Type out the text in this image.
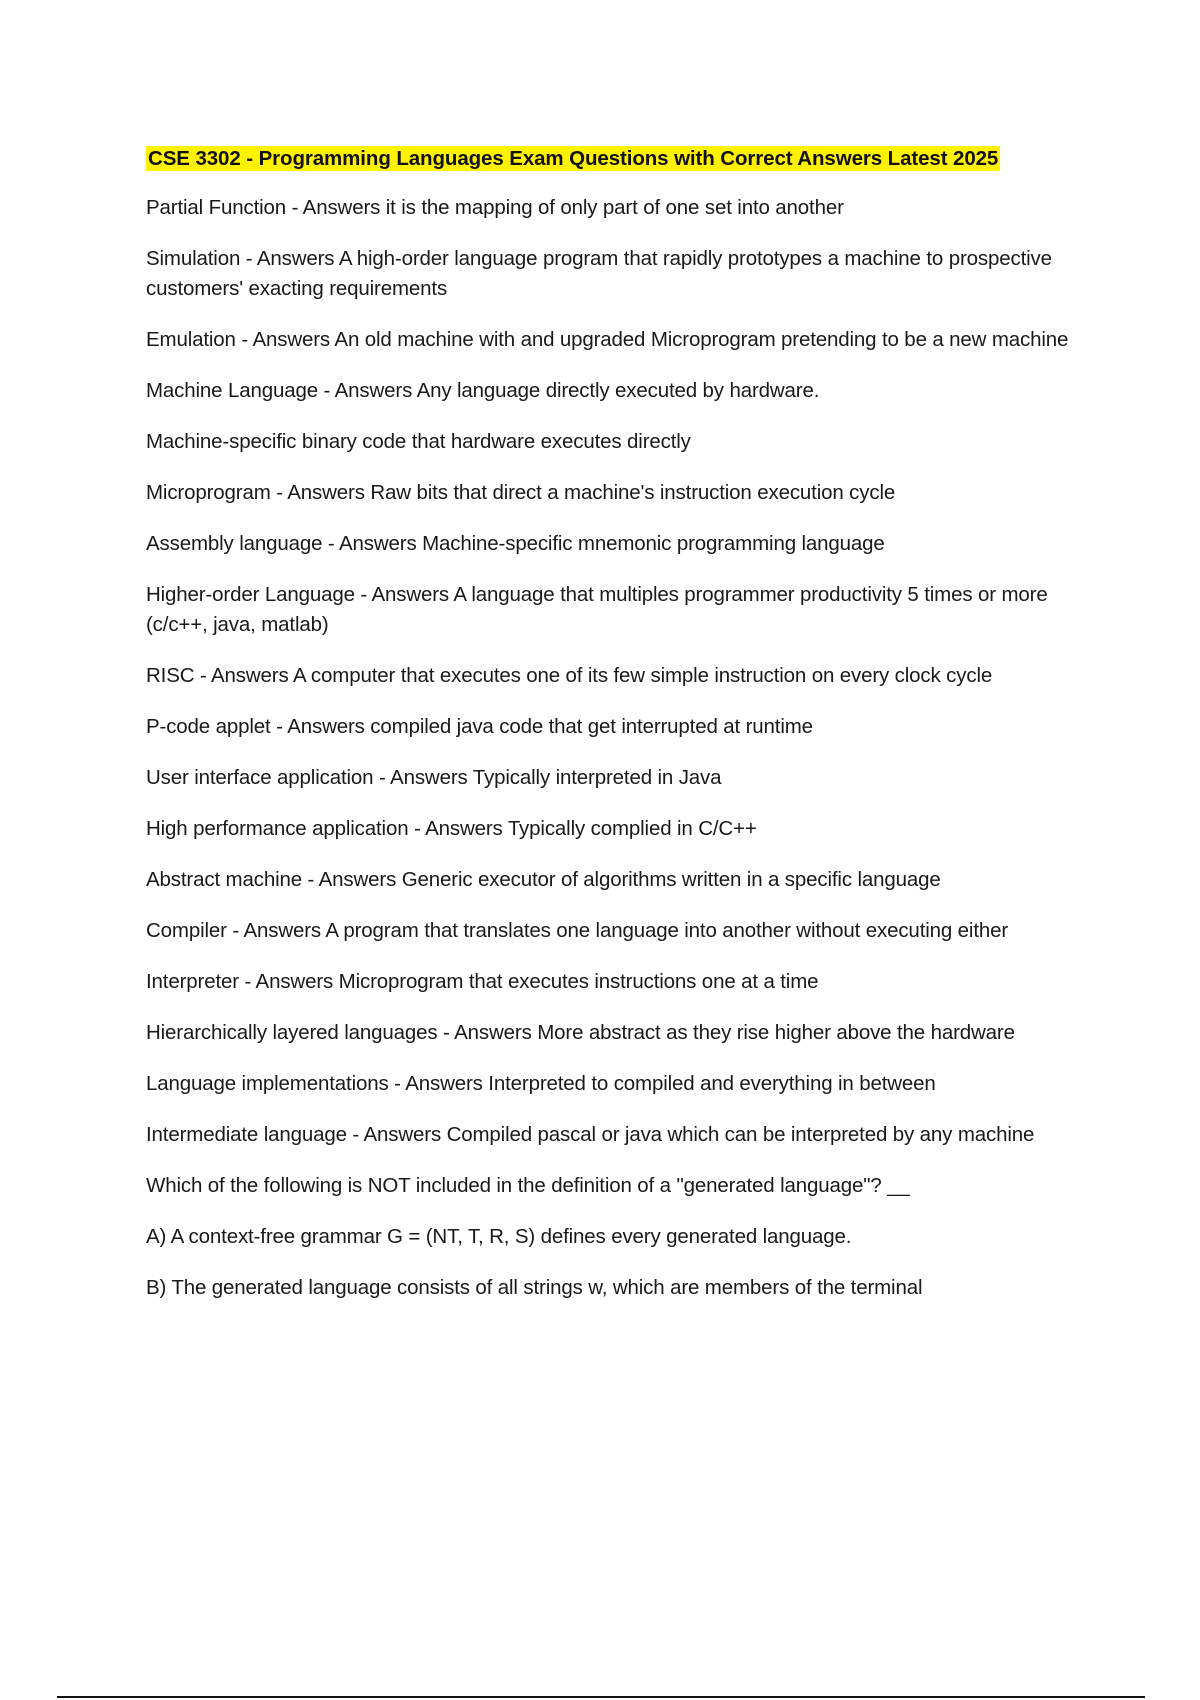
CSE 3302 - Programming Languages Exam Questions with Correct Answers Latest 2025

Partial Function - Answers it is the mapping of only part of one set into another

Simulation - Answers A high-order language program that rapidly prototypes a machine to prospective customers' exacting requirements

Emulation - Answers An old machine with and upgraded Microprogram pretending to be a new machine

Machine Language - Answers Any language directly executed by hardware.

Machine-specific binary code that hardware executes directly

Microprogram - Answers Raw bits that direct a machine's instruction execution cycle

Assembly language - Answers Machine-specific mnemonic programming language

Higher-order Language - Answers A language that multiples programmer productivity 5 times or more (c/c++, java, matlab)

RISC - Answers A computer that executes one of its few simple instruction on every clock cycle

P-code applet - Answers compiled java code that get interrupted at runtime

User interface application - Answers Typically interpreted in Java

High performance application - Answers Typically complied in C/C++

Abstract machine - Answers Generic executor of algorithms written in a specific language

Compiler - Answers A program that translates one language into another without executing either

Interpreter - Answers Microprogram that executes instructions one at a time

Hierarchically layered languages - Answers More abstract as they rise higher above the hardware

Language implementations - Answers Interpreted to compiled and everything in between

Intermediate language - Answers Compiled pascal or java which can be interpreted by any machine

Which of the following is NOT included in the definition of a "generated language"? __

A) A context-free grammar G = (NT, T, R, S) defines every generated language.

B) The generated language consists of all strings w, which are members of the terminal
